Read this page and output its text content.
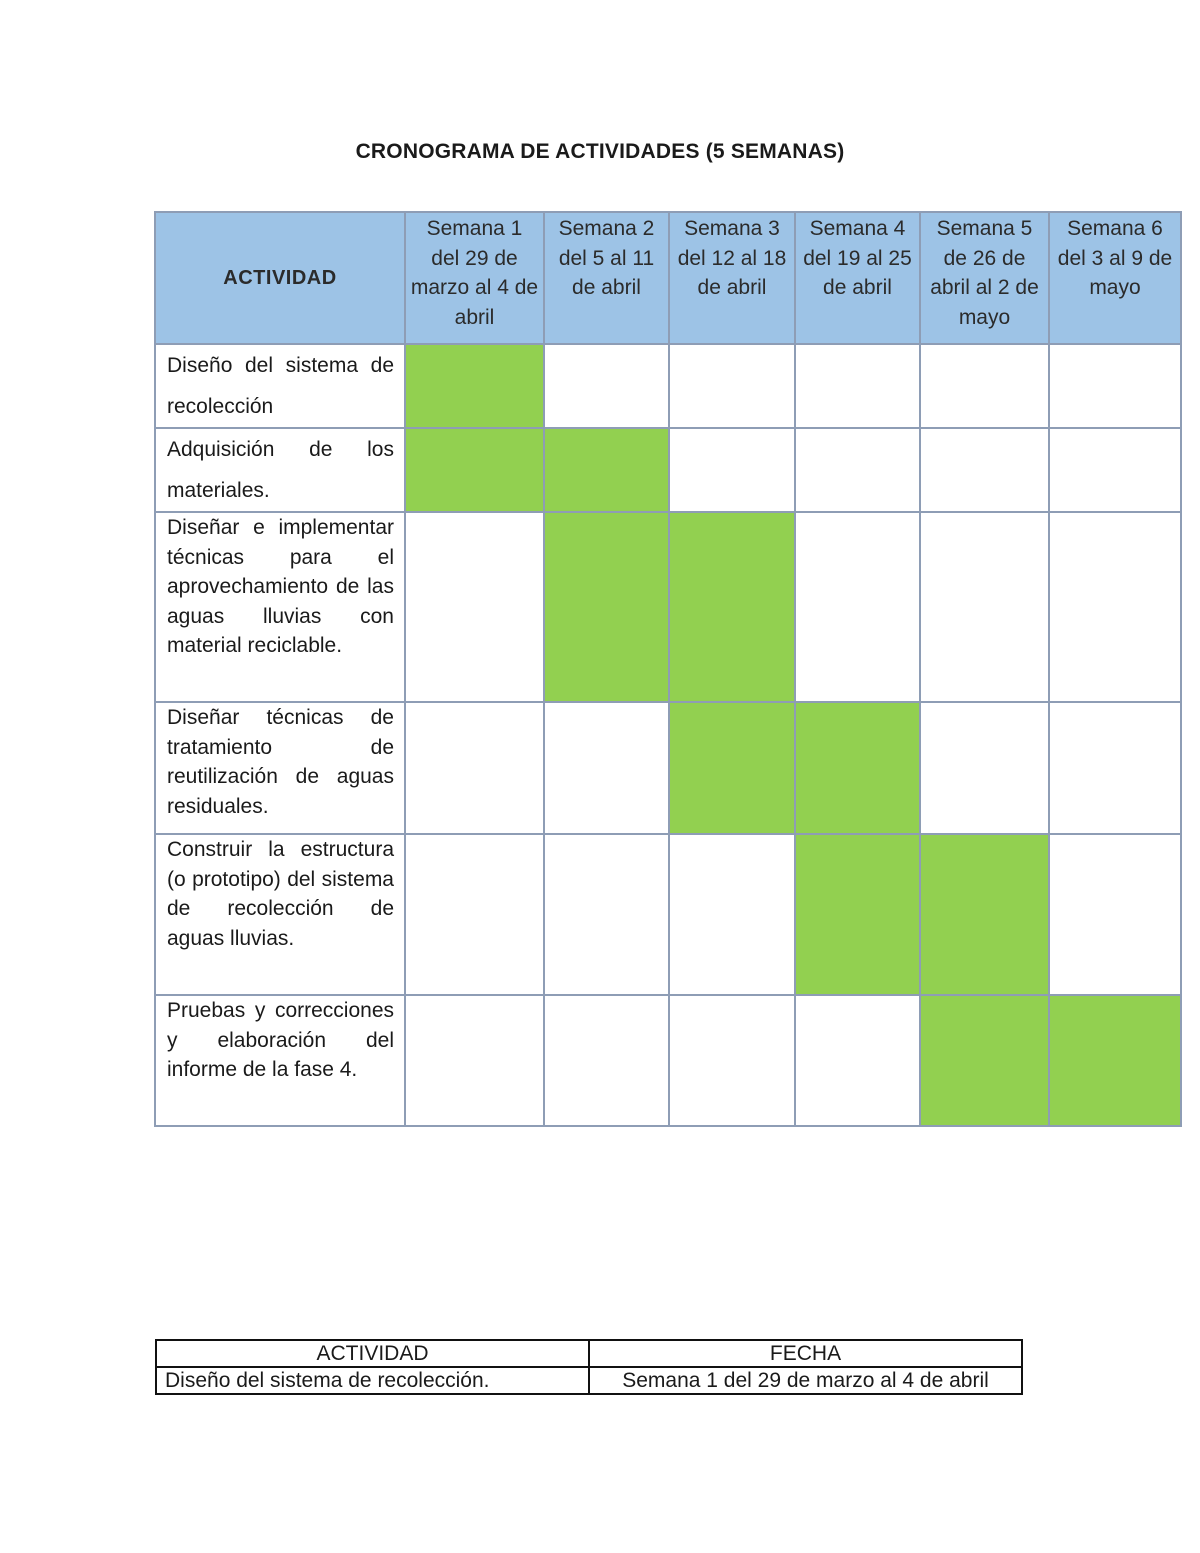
CRONOGRAMA DE ACTIVIDADES (5 SEMANAS)
ACTIVIDAD	Semana 1 del 29 de marzo al 4 de abril	Semana 2 del 5 al 11 de abril	Semana 3 del 12 al 18 de abril	Semana 4 del 19 al 25 de abril	Semana 5 de 26 de abril al 2 de mayo	Semana 6 del 3 al 9 de mayo
Diseño del sistema de recolección						
Adquisición de los materiales.						
Diseñar e implementar técnicas para el aprovechamiento de las aguas lluvias con material reciclable.						
Diseñar técnicas de tratamiento de reutilización de aguas residuales.						
Construir la estructura (o prototipo) del sistema de recolección de aguas lluvias.						
Pruebas y correcciones y elaboración del informe de la fase 4.						
ACTIVIDAD	FECHA
Diseño del sistema de recolección.	Semana 1 del 29 de marzo al 4 de abril
